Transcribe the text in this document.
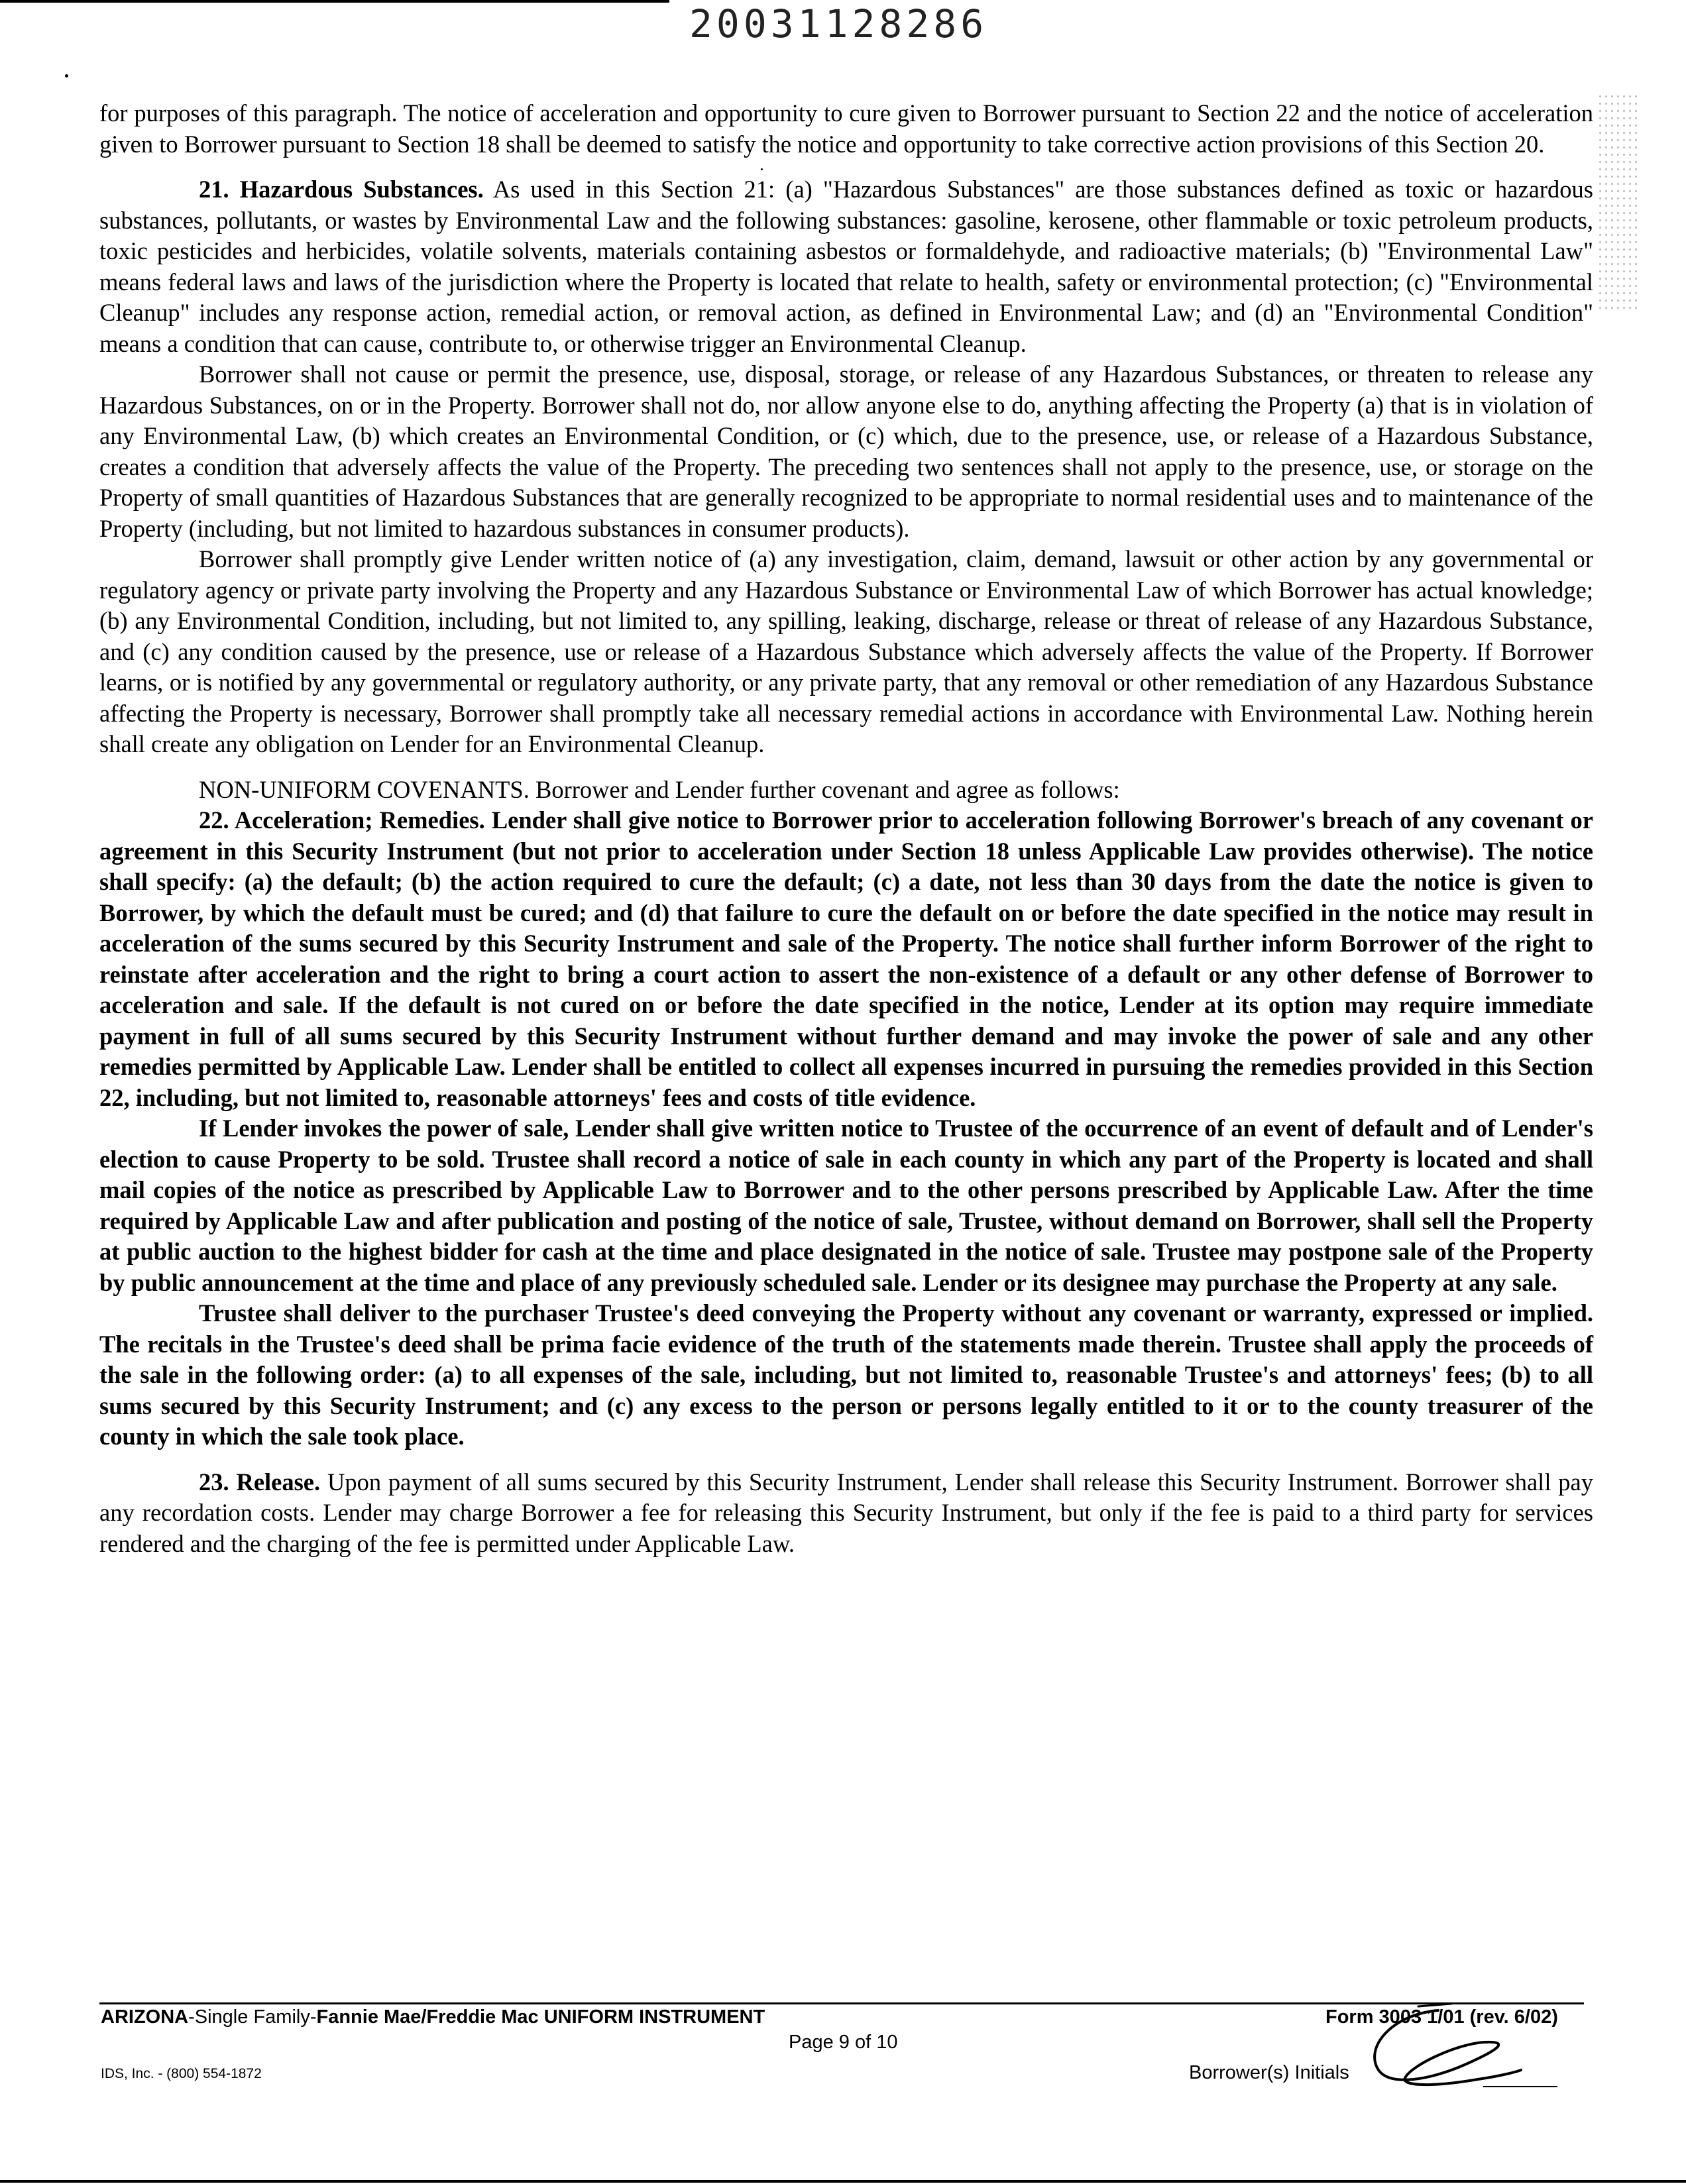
20031128286

for purposes of this paragraph. The notice of acceleration and opportunity to cure given to Borrower pursuant to Section 22 and the notice of acceleration given to Borrower pursuant to Section 18 shall be deemed to satisfy the notice and opportunity to take corrective action provisions of this Section 20.

21. Hazardous Substances. As used in this Section 21: (a) "Hazardous Substances" are those substances defined as toxic or hazardous substances, pollutants, or wastes by Environmental Law and the following substances: gasoline, kerosene, other flammable or toxic petroleum products, toxic pesticides and herbicides, volatile solvents, materials containing asbestos or formaldehyde, and radioactive materials; (b) "Environmental Law" means federal laws and laws of the jurisdiction where the Property is located that relate to health, safety or environmental protection; (c) "Environmental Cleanup" includes any response action, remedial action, or removal action, as defined in Environmental Law; and (d) an "Environmental Condition" means a condition that can cause, contribute to, or otherwise trigger an Environmental Cleanup.

Borrower shall not cause or permit the presence, use, disposal, storage, or release of any Hazardous Substances, or threaten to release any Hazardous Substances, on or in the Property. Borrower shall not do, nor allow anyone else to do, anything affecting the Property (a) that is in violation of any Environmental Law, (b) which creates an Environmental Condition, or (c) which, due to the presence, use, or release of a Hazardous Substance, creates a condition that adversely affects the value of the Property. The preceding two sentences shall not apply to the presence, use, or storage on the Property of small quantities of Hazardous Substances that are generally recognized to be appropriate to normal residential uses and to maintenance of the Property (including, but not limited to hazardous substances in consumer products).

Borrower shall promptly give Lender written notice of (a) any investigation, claim, demand, lawsuit or other action by any governmental or regulatory agency or private party involving the Property and any Hazardous Substance or Environmental Law of which Borrower has actual knowledge; (b) any Environmental Condition, including, but not limited to, any spilling, leaking, discharge, release or threat of release of any Hazardous Substance, and (c) any condition caused by the presence, use or release of a Hazardous Substance which adversely affects the value of the Property. If Borrower learns, or is notified by any governmental or regulatory authority, or any private party, that any removal or other remediation of any Hazardous Substance affecting the Property is necessary, Borrower shall promptly take all necessary remedial actions in accordance with Environmental Law. Nothing herein shall create any obligation on Lender for an Environmental Cleanup.

NON-UNIFORM COVENANTS. Borrower and Lender further covenant and agree as follows:

22. Acceleration; Remedies. Lender shall give notice to Borrower prior to acceleration following Borrower's breach of any covenant or agreement in this Security Instrument (but not prior to acceleration under Section 18 unless Applicable Law provides otherwise). The notice shall specify: (a) the default; (b) the action required to cure the default; (c) a date, not less than 30 days from the date the notice is given to Borrower, by which the default must be cured; and (d) that failure to cure the default on or before the date specified in the notice may result in acceleration of the sums secured by this Security Instrument and sale of the Property. The notice shall further inform Borrower of the right to reinstate after acceleration and the right to bring a court action to assert the non-existence of a default or any other defense of Borrower to acceleration and sale. If the default is not cured on or before the date specified in the notice, Lender at its option may require immediate payment in full of all sums secured by this Security Instrument without further demand and may invoke the power of sale and any other remedies permitted by Applicable Law. Lender shall be entitled to collect all expenses incurred in pursuing the remedies provided in this Section 22, including, but not limited to, reasonable attorneys' fees and costs of title evidence.

If Lender invokes the power of sale, Lender shall give written notice to Trustee of the occurrence of an event of default and of Lender's election to cause Property to be sold. Trustee shall record a notice of sale in each county in which any part of the Property is located and shall mail copies of the notice as prescribed by Applicable Law to Borrower and to the other persons prescribed by Applicable Law. After the time required by Applicable Law and after publication and posting of the notice of sale, Trustee, without demand on Borrower, shall sell the Property at public auction to the highest bidder for cash at the time and place designated in the notice of sale. Trustee may postpone sale of the Property by public announcement at the time and place of any previously scheduled sale. Lender or its designee may purchase the Property at any sale.

Trustee shall deliver to the purchaser Trustee's deed conveying the Property without any covenant or warranty, expressed or implied. The recitals in the Trustee's deed shall be prima facie evidence of the truth of the statements made therein. Trustee shall apply the proceeds of the sale in the following order: (a) to all expenses of the sale, including, but not limited to, reasonable Trustee's and attorneys' fees; (b) to all sums secured by this Security Instrument; and (c) any excess to the person or persons legally entitled to it or to the county treasurer of the county in which the sale took place.

23. Release. Upon payment of all sums secured by this Security Instrument, Lender shall release this Security Instrument. Borrower shall pay any recordation costs. Lender may charge Borrower a fee for releasing this Security Instrument, but only if the fee is paid to a third party for services rendered and the charging of the fee is permitted under Applicable Law.

ARIZONA-Single Family-Fannie Mae/Freddie Mac UNIFORM INSTRUMENT
Page 9 of 10
IDS, Inc. - (800) 554-1872
Form 3003 1/01 (rev. 6/02)
Borrower(s) Initials
